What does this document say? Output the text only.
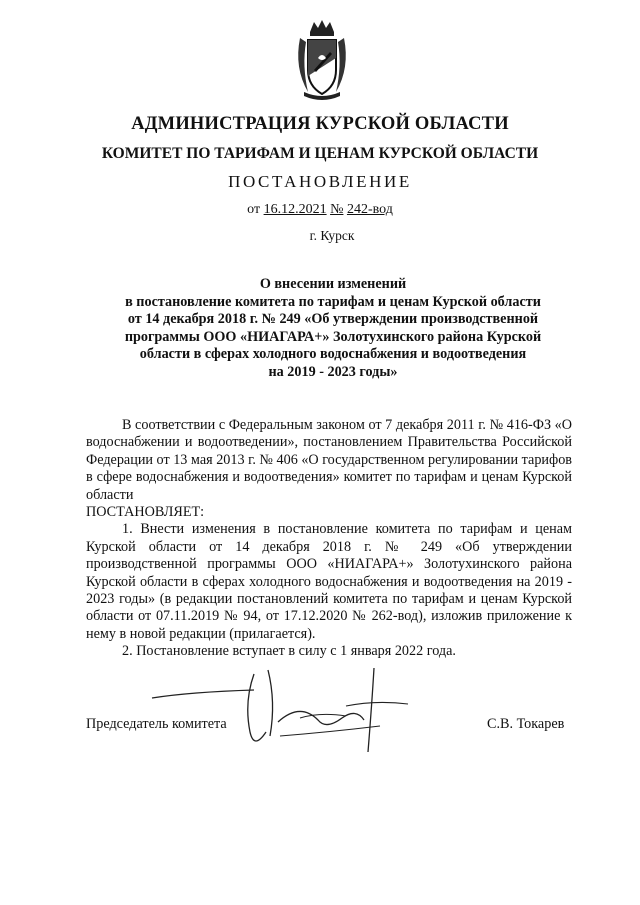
АДМИНИСТРАЦИЯ КУРСКОЙ ОБЛАСТИ
КОМИТЕТ ПО ТАРИФАМ И ЦЕНАМ КУРСКОЙ ОБЛАСТИ
ПОСТАНОВЛЕНИЕ
от 16.12.2021 № 242-вод
г. Курск
О внесении изменений
в постановление комитета по тарифам и ценам Курской области
от 14 декабря 2018 г. № 249 «Об утверждении производственной
программы ООО «НИАГАРА+» Золотухинского района Курской
области в сферах холодного водоснабжения и водоотведения
на 2019 - 2023 годы»

В соответствии с Федеральным законом от 7 декабря 2011 г. № 416-ФЗ «О водоснабжении и водоотведении», постановлением Правительства Российской Федерации от 13 мая 2013 г. № 406 «О государственном регулировании тарифов в сфере водоснабжения и водоотведения» комитет по тарифам и ценам Курской области

ПОСТАНОВЛЯЕТ:

1. Внести изменения в постановление комитета по тарифам и ценам Курской области от 14 декабря 2018 г. № 249 «Об утверждении производственной программы ООО «НИАГАРА+» Золотухинского района Курской области в сферах холодного водоснабжения и водоотведения на 2019 - 2023 годы» (в редакции постановлений комитета по тарифам и ценам Курской области от 07.11.2019 № 94, от 17.12.2020 № 262-вод), изложив приложение к нему в новой редакции (прилагается).

2. Постановление вступает в силу с 1 января 2022 года.

Председатель комитета	С.В. Токарев
